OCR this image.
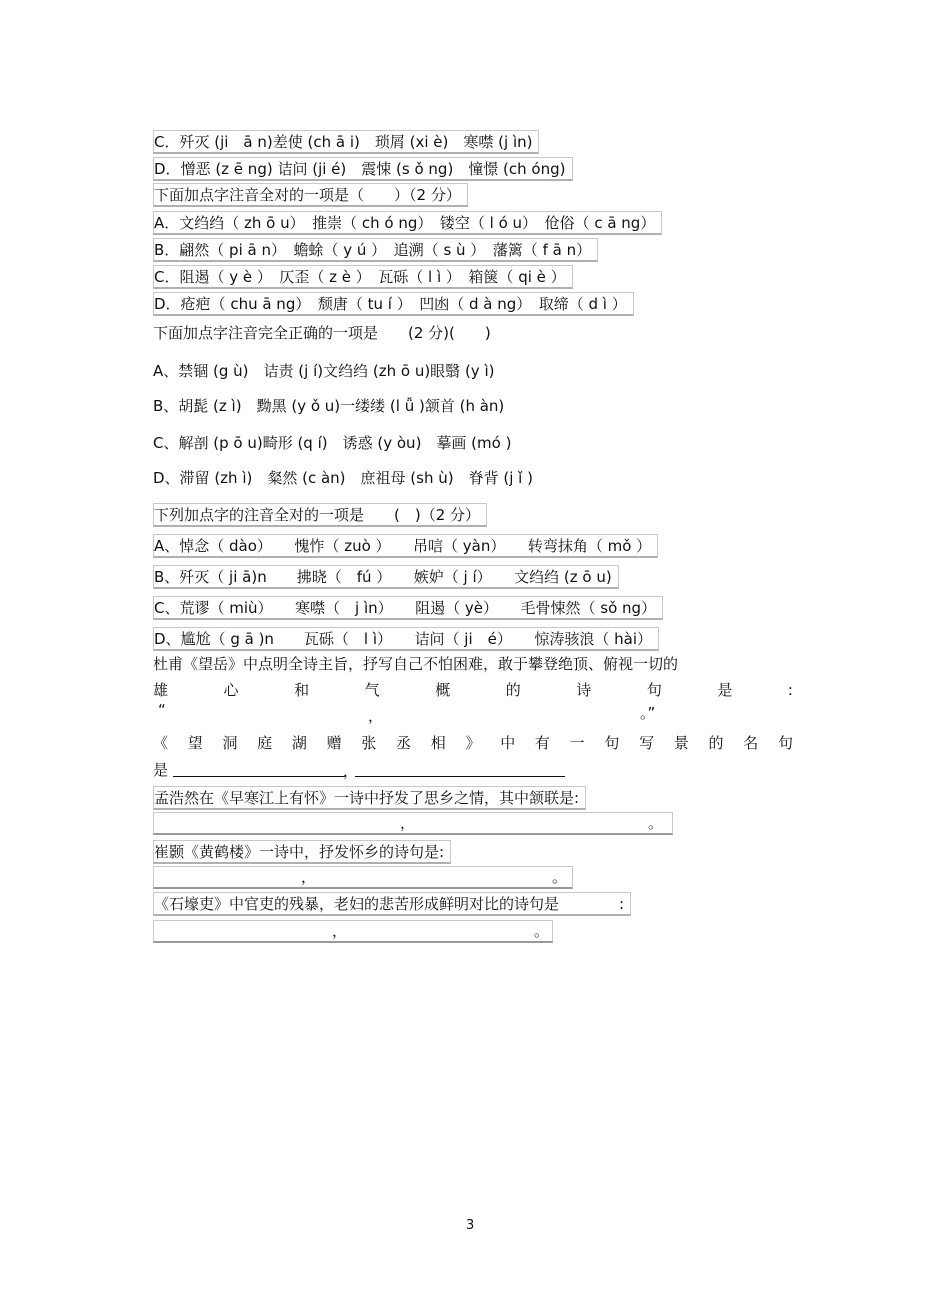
C．歼灭 (ji　ā n)差使 (ch ā i)　琐屑 (xi è)　寒噤 (j ìn)
D．憎恶 (z ē ng) 诘问 (ji é)　震悚 (s ǒ ng)　憧憬 (ch óng)
下面加点字注音全对的一项是（　　）（2 分）
A．文绉绉（ zh ō u）　推崇（ ch ó ng）　镂空（ l ó u）　伧俗（ c ā ng）
B．翩然（ pi ā n）　蟾蜍（ y ú ）　追溯（ s ù ）　藩篱（ f ā n）
C．阻遏（ y è ）　仄歪（ z è ）　瓦砾（ l ì ）　箱箧（ qi è ）
D．疮疤（ chu ā ng）　颓唐（ tu í ）　凹凼（ d à ng）　取缔（ d ì ）
下面加点字注音完全正确的一项是　　(2 分)(　　)
A、禁锢 (g ù)　诘责 (j í)文绉绉 (zh ō u)眼翳 (y ì)
B、胡髭 (z ì)　黝黑 (y ǒ u)一缕缕 (l ǚ )颔首 (h àn)
C、解剖 (p ō u)畸形 (q í)　诱惑 (y òu)　摹画 (mó )
D、滞留 (zh ì)　粲然 (c àn)　庶祖母 (sh ù)　脊背 (j ǐ )
下列加点字的注音全对的一项是　　(　)（2 分）
A、悼念（ dào）　　愧怍（ zuò ）　　吊唁（ yàn）　　转弯抹角（ mǒ ）
B、歼灭（ ji ā)n　　拂晓（　fú ）　　嫉妒（ j í）　　文绉绉 (z ō u)
C、荒谬（ miù）　　寒噤（　j ìn）　　阻遏（ yè）　　毛骨悚然（ sǒ ng）
D、尴尬（ g ā )n　　瓦砾（　l ì）　　诘问（ ji　é）　　惊涛骇浪（ hài）
杜甫《望岳》中点明全诗主旨，抒写自己不怕困难，敢于攀登绝顶、俯视一切的
雄	心	和	气	概	的	诗	句	是	:
“	，	。”
《 望 洞 庭 湖 赠 张 丞 相 》 中 有 一 句 写 景 的 名 句
是	，
孟浩然在《早寒江上有怀》一诗中抒发了思乡之情，其中颔联是:
，	。
崔颢《黄鹤楼》一诗中，抒发怀乡的诗句是:
，	。
《石壕吏》中官吏的残暴，老妇的悲苦形成鲜明对比的诗句是　　　　:
，	。
3
